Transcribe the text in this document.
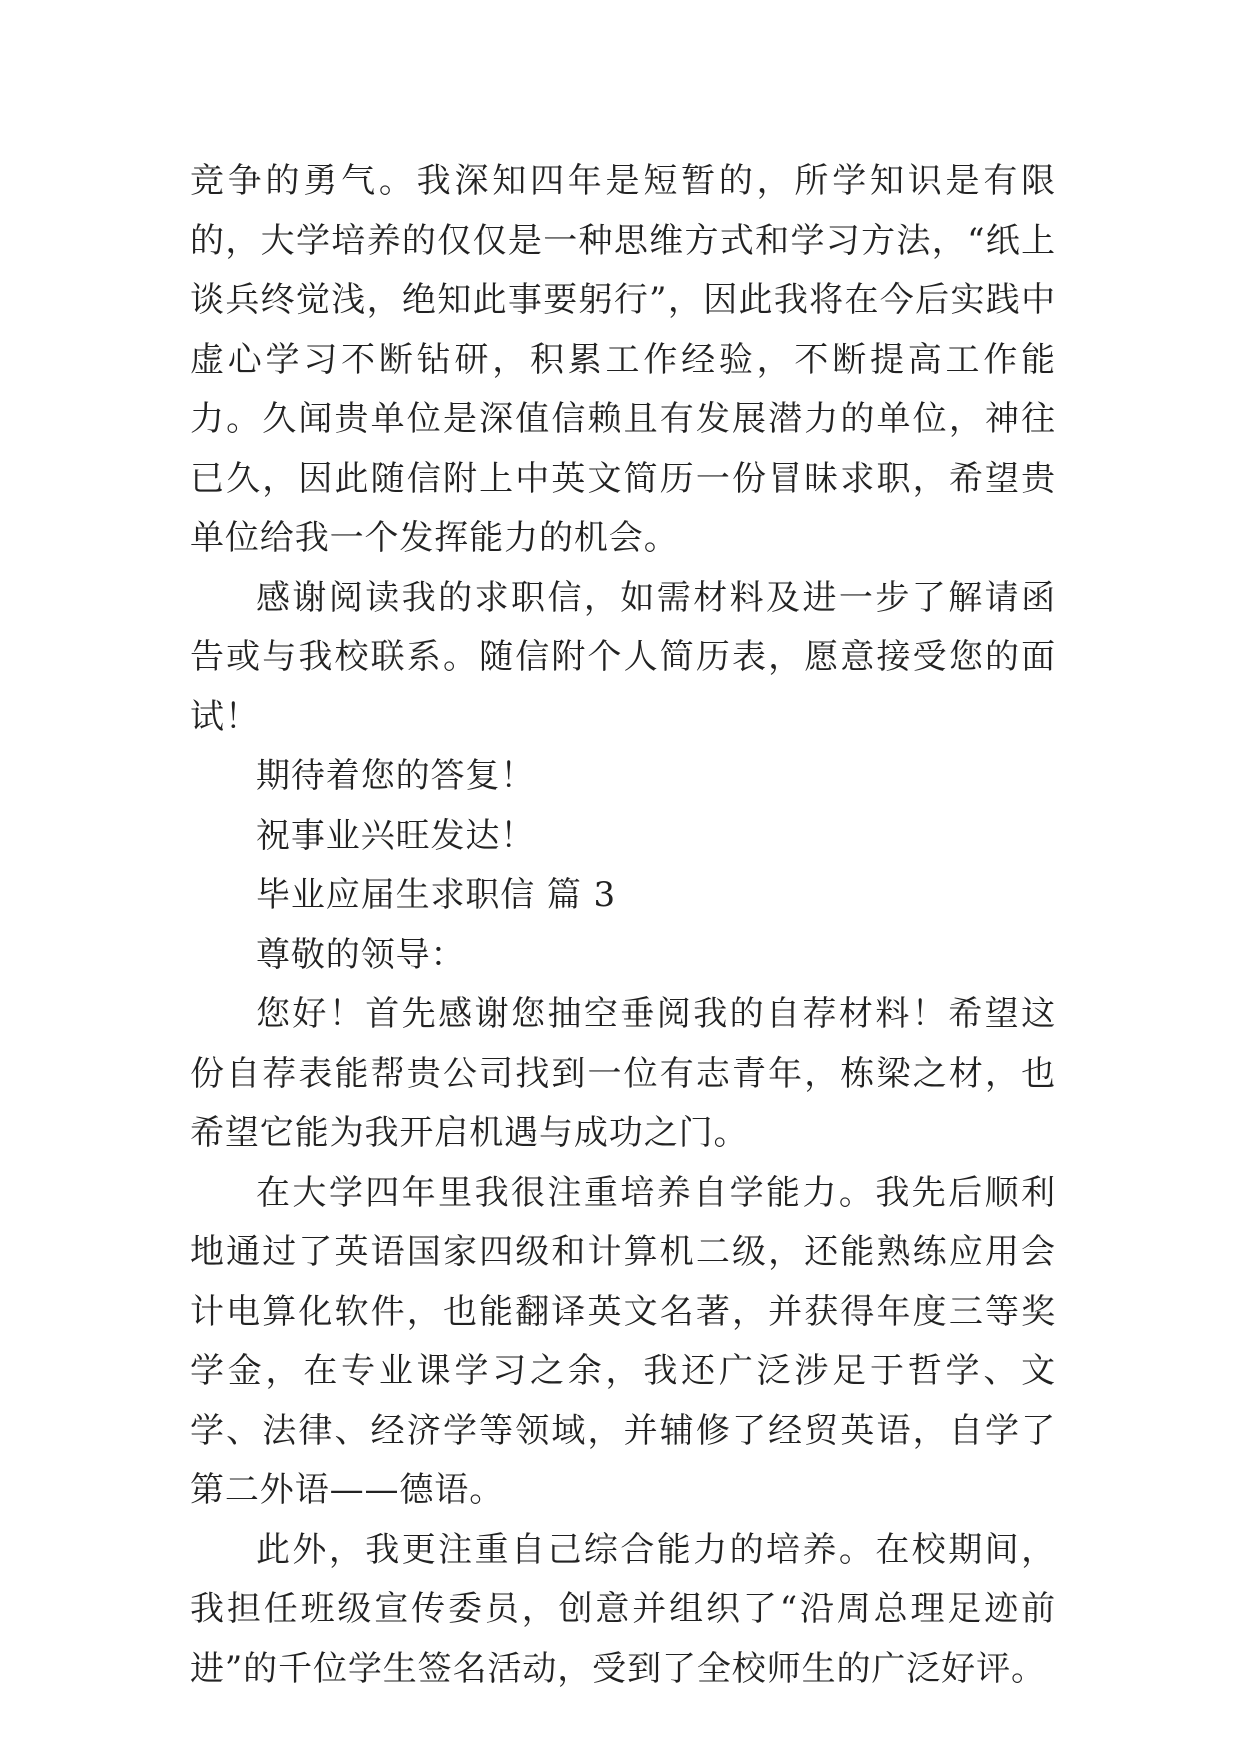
竞争的勇气。我深知四年是短暂的，所学知识是有限的，大学培养的仅仅是一种思维方式和学习方法，“纸上谈兵终觉浅，绝知此事要躬行”，因此我将在今后实践中虚心学习不断钻研，积累工作经验，不断提高工作能力。久闻贵单位是深值信赖且有发展潜力的单位，神往已久，因此随信附上中英文简历一份冒昧求职，希望贵单位给我一个发挥能力的机会。

感谢阅读我的求职信，如需材料及进一步了解请函告或与我校联系。随信附个人简历表，愿意接受您的面试！

期待着您的答复！

祝事业兴旺发达！

毕业应届生求职信 篇 3

尊敬的领导：

您好！首先感谢您抽空垂阅我的自荐材料！希望这份自荐表能帮贵公司找到一位有志青年，栋梁之材，也希望它能为我开启机遇与成功之门。

在大学四年里我很注重培养自学能力。我先后顺利地通过了英语国家四级和计算机二级，还能熟练应用会计电算化软件，也能翻译英文名著，并获得年度三等奖学金，在专业课学习之余，我还广泛涉足于哲学、文学、法律、经济学等领域，并辅修了经贸英语，自学了第二外语——德语。

此外，我更注重自己综合能力的培养。在校期间，我担任班级宣传委员，创意并组织了“沿周总理足迹前进”的千位学生签名活动，受到了全校师生的广泛好评。
